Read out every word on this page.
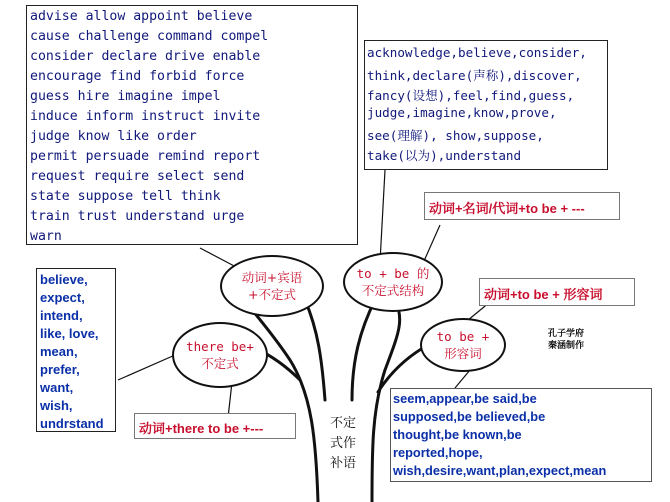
advise allow appoint believe
cause challenge command compel
consider declare drive enable
encourage find forbid force
guess hire imagine impel
induce inform instruct invite
judge know like order
permit persuade remind report
request require select send
state suppose tell think
train trust understand urge
warn
acknowledge,believe,consider,
think,declare(声称),discover,
fancy(设想),feel,find,guess,
judge,imagine,know,prove,
see(理解), show,suppose,
take(以为),understand
动词+名词/代词+to be + ---
动词+to be + 形容词
believe,
expect,
intend,
like, love,
mean,
prefer,
want,
wish,
undrstand	动词+there to be +---
动词+宾语
+不定式
to + be 的
不定式结构
there be+
不定式
to be +
形容词
孔子学府
秦涵制作
不定
式作
补语
seem,appear,be said,be
supposed,be believed,be
thought,be known,be
reported,hope,
wish,desire,want,plan,expect,mean
